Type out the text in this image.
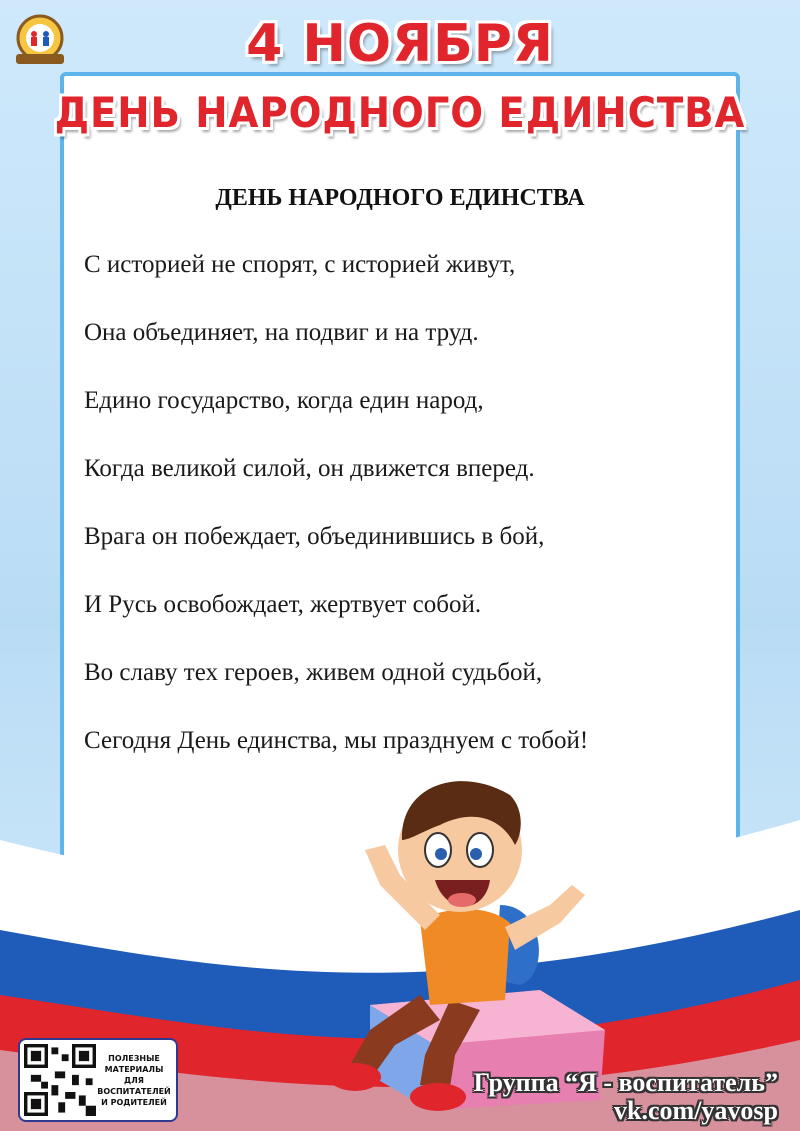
4 НОЯБРЯ
ДЕНЬ НАРОДНОГО ЕДИНСТВА
ДЕНЬ НАРОДНОГО ЕДИНСТВА
С историей не спорят, с историей живут,
Она объединяет, на подвиг и на труд.
Едино государство, когда един народ,
Когда великой силой, он движется вперед.
Врага он побеждает, объединившись в бой,
И Русь освобождает, жертвует собой.
Во славу тех героев, живем одной судьбой,
Сегодня День единства, мы празднуем с тобой!
ПОЛЕЗНЫЕ
МАТЕРИАЛЫ
ДЛЯ
ВОСПИТАТЕЛЕЙ
И РОДИТЕЛЕЙ
Группа “Я - воспитатель”
vk.com/yavosp
